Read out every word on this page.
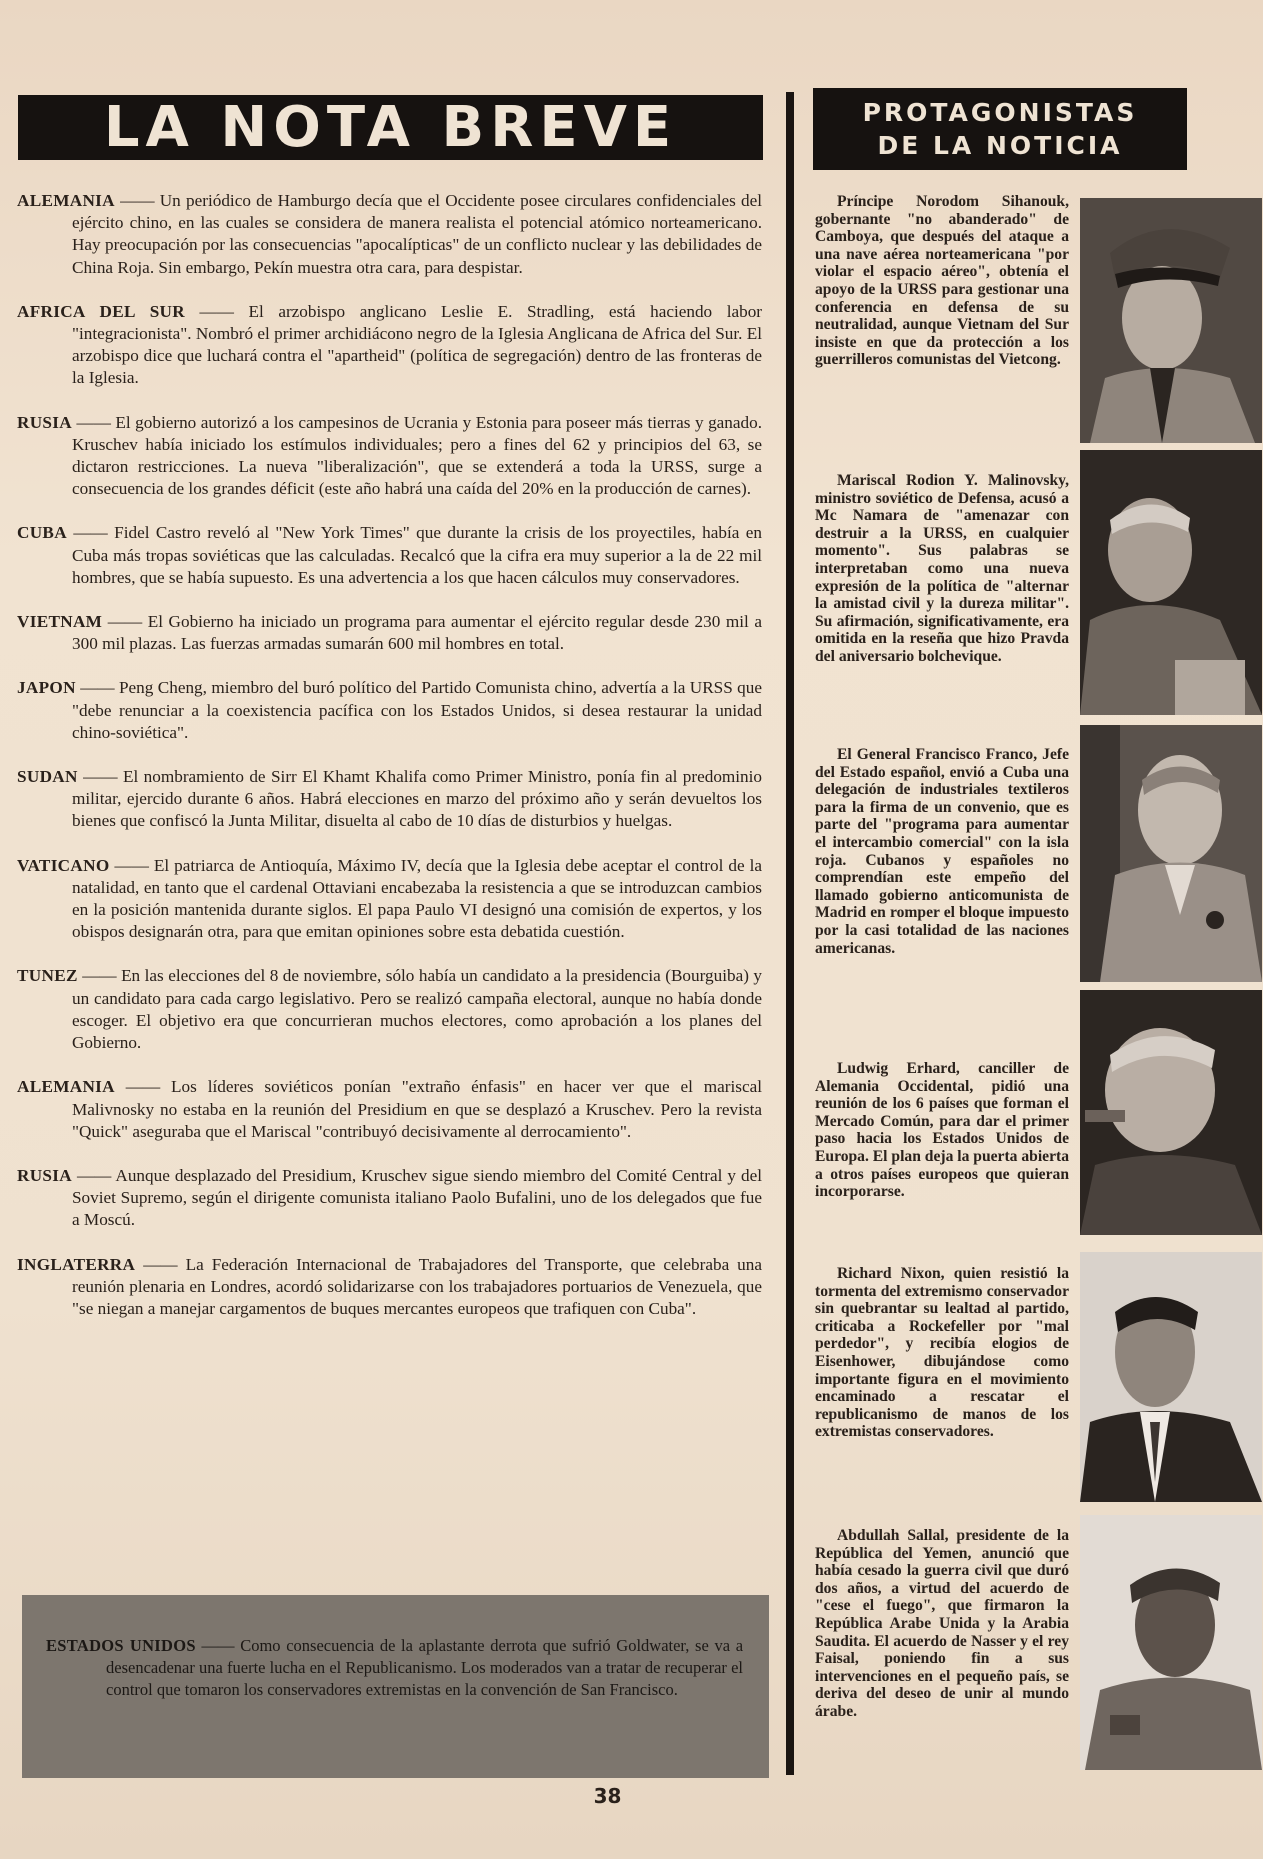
LA NOTA BREVE	PROTAGONISTAS
DE LA NOTICIA

ALEMANIA —— Un periódico de Hamburgo decía que el Occidente posee circulares confidenciales del ejército chino, en las cuales se considera de manera realista el potencial atómico norteamericano. Hay preocupación por las consecuencias "apocalípticas" de un conflicto nuclear y las debilidades de China Roja. Sin embargo, Pekín muestra otra cara, para despistar.

AFRICA DEL SUR —— El arzobispo anglicano Leslie E. Stradling, está haciendo labor "integracionista". Nombró el primer archidiácono negro de la Iglesia Anglicana de Africa del Sur. El arzobispo dice que luchará contra el "apartheid" (política de segregación) dentro de las fronteras de la Iglesia.

RUSIA —— El gobierno autorizó a los campesinos de Ucrania y Estonia para poseer más tierras y ganado. Kruschev había iniciado los estímulos individuales; pero a fines del 62 y principios del 63, se dictaron restricciones. La nueva "liberalización", que se extenderá a toda la URSS, surge a consecuencia de los grandes déficit (este año habrá una caída del 20% en la producción de carnes).

CUBA —— Fidel Castro reveló al "New York Times" que durante la crisis de los proyectiles, había en Cuba más tropas soviéticas que las calculadas. Recalcó que la cifra era muy superior a la de 22 mil hombres, que se había supuesto. Es una advertencia a los que hacen cálculos muy conservadores.

VIETNAM —— El Gobierno ha iniciado un programa para aumentar el ejército regular desde 230 mil a 300 mil plazas. Las fuerzas armadas sumarán 600 mil hombres en total.

JAPON —— Peng Cheng, miembro del buró político del Partido Comunista chino, advertía a la URSS que "debe renunciar a la coexistencia pacífica con los Estados Unidos, si desea restaurar la unidad chino-soviética".

SUDAN —— El nombramiento de Sirr El Khamt Khalifa como Primer Ministro, ponía fin al predominio militar, ejercido durante 6 años. Habrá elecciones en marzo del próximo año y serán devueltos los bienes que confiscó la Junta Militar, disuelta al cabo de 10 días de disturbios y huelgas.

VATICANO —— El patriarca de Antioquía, Máximo IV, decía que la Iglesia debe aceptar el control de la natalidad, en tanto que el cardenal Ottaviani encabezaba la resistencia a que se introduzcan cambios en la posición mantenida durante siglos. El papa Paulo VI designó una comisión de expertos, y los obispos designarán otra, para que emitan opiniones sobre esta debatida cuestión.

TUNEZ —— En las elecciones del 8 de noviembre, sólo había un candidato a la presidencia (Bourguiba) y un candidato para cada cargo legislativo. Pero se realizó campaña electoral, aunque no había donde escoger. El objetivo era que concurrieran muchos electores, como aprobación a los planes del Gobierno.

ALEMANIA —— Los líderes soviéticos ponían "extraño énfasis" en hacer ver que el mariscal Malivnosky no estaba en la reunión del Presidium en que se desplazó a Kruschev. Pero la revista "Quick" aseguraba que el Mariscal "contribuyó decisivamente al derrocamiento".

RUSIA —— Aunque desplazado del Presidium, Kruschev sigue siendo miembro del Comité Central y del Soviet Supremo, según el dirigente comunista italiano Paolo Bufalini, uno de los delegados que fue a Moscú.

INGLATERRA —— La Federación Internacional de Trabajadores del Transporte, que celebraba una reunión plenaria en Londres, acordó solidarizarse con los trabajadores portuarios de Venezuela, que "se niegan a manejar cargamentos de buques mercantes europeos que trafiquen con Cuba".

ESTADOS UNIDOS —— Como consecuencia de la aplastante derrota que sufrió Goldwater, se va a desencadenar una fuerte lucha en el Republicanismo. Los moderados van a tratar de recuperar el control que tomaron los conservadores extremistas en la convención de San Francisco.

38
Príncipe Norodom Sihanouk, gobernante "no abanderado" de Camboya, que después del ataque a una nave aérea norteamericana "por violar el espacio aéreo", obtenía el apoyo de la URSS para gestionar una conferencia en defensa de su neutralidad, aunque Vietnam del Sur insiste en que da protección a los guerrilleros comunistas del Vietcong.
Mariscal Rodion Y. Malinovsky, ministro soviético de Defensa, acusó a Mc Namara de "amenazar con destruir a la URSS, en cualquier momento". Sus palabras se interpretaban como una nueva expresión de la política de "alternar la amistad civil y la dureza militar". Su afirmación, significativamente, era omitida en la reseña que hizo Pravda del aniversario bolchevique.
El General Francisco Franco, Jefe del Estado español, envió a Cuba una delegación de industriales textileros para la firma de un convenio, que es parte del "programa para aumentar el intercambio comercial" con la isla roja. Cubanos y españoles no comprendían este empeño del llamado gobierno anticomunista de Madrid en romper el bloque impuesto por la casi totalidad de las naciones americanas.
Ludwig Erhard, canciller de Alemania Occidental, pidió una reunión de los 6 países que forman el Mercado Común, para dar el primer paso hacia los Estados Unidos de Europa. El plan deja la puerta abierta a otros países europeos que quieran incorporarse.
Richard Nixon, quien resistió la tormenta del extremismo conservador sin quebrantar su lealtad al partido, criticaba a Rockefeller por "mal perdedor", y recibía elogios de Eisenhower, dibujándose como importante figura en el movimiento encaminado a rescatar el republicanismo de manos de los extremistas conservadores.
Abdullah Sallal, presidente de la República del Yemen, anunció que había cesado la guerra civil que duró dos años, a virtud del acuerdo de "cese el fuego", que firmaron la República Arabe Unida y la Arabia Saudita. El acuerdo de Nasser y el rey Faisal, poniendo fin a sus intervenciones en el pequeño país, se deriva del deseo de unir al mundo árabe.
